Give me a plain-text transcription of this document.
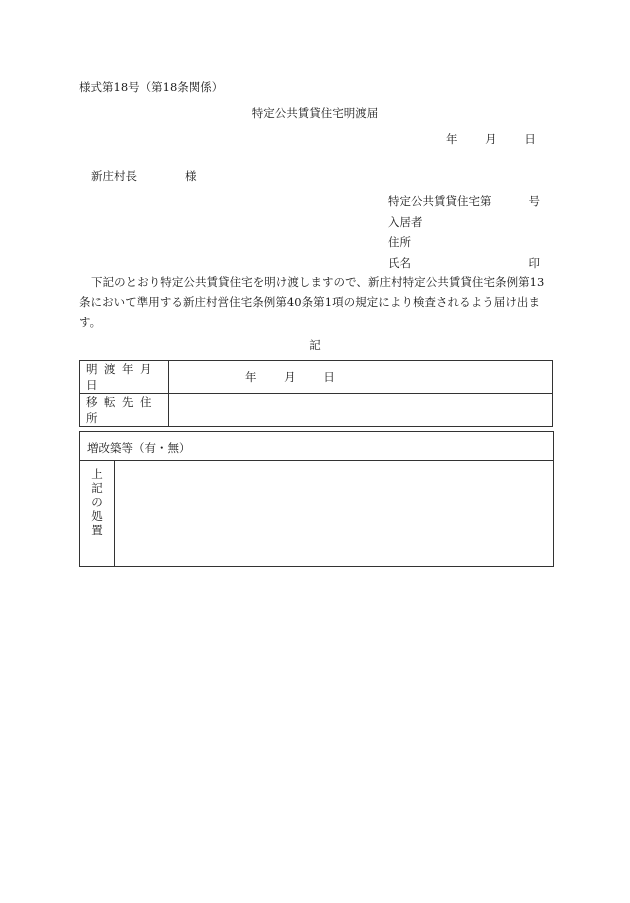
様式第18号（第18条関係）
特定公共賃貸住宅明渡届
年 月 日
新庄村長	様
特定公共賃貸住宅第	号
入居者
住所
氏名	印
下記のとおり特定公共賃貸住宅を明け渡しますので、新庄村特定公共賃貸住宅条例第13条において準用する新庄村営住宅条例第40条第1項の規定により検査されるよう届け出ます。
記
明渡年月日	年 月 日
移転先住所	
増改築等（有・無）
上記の処置
